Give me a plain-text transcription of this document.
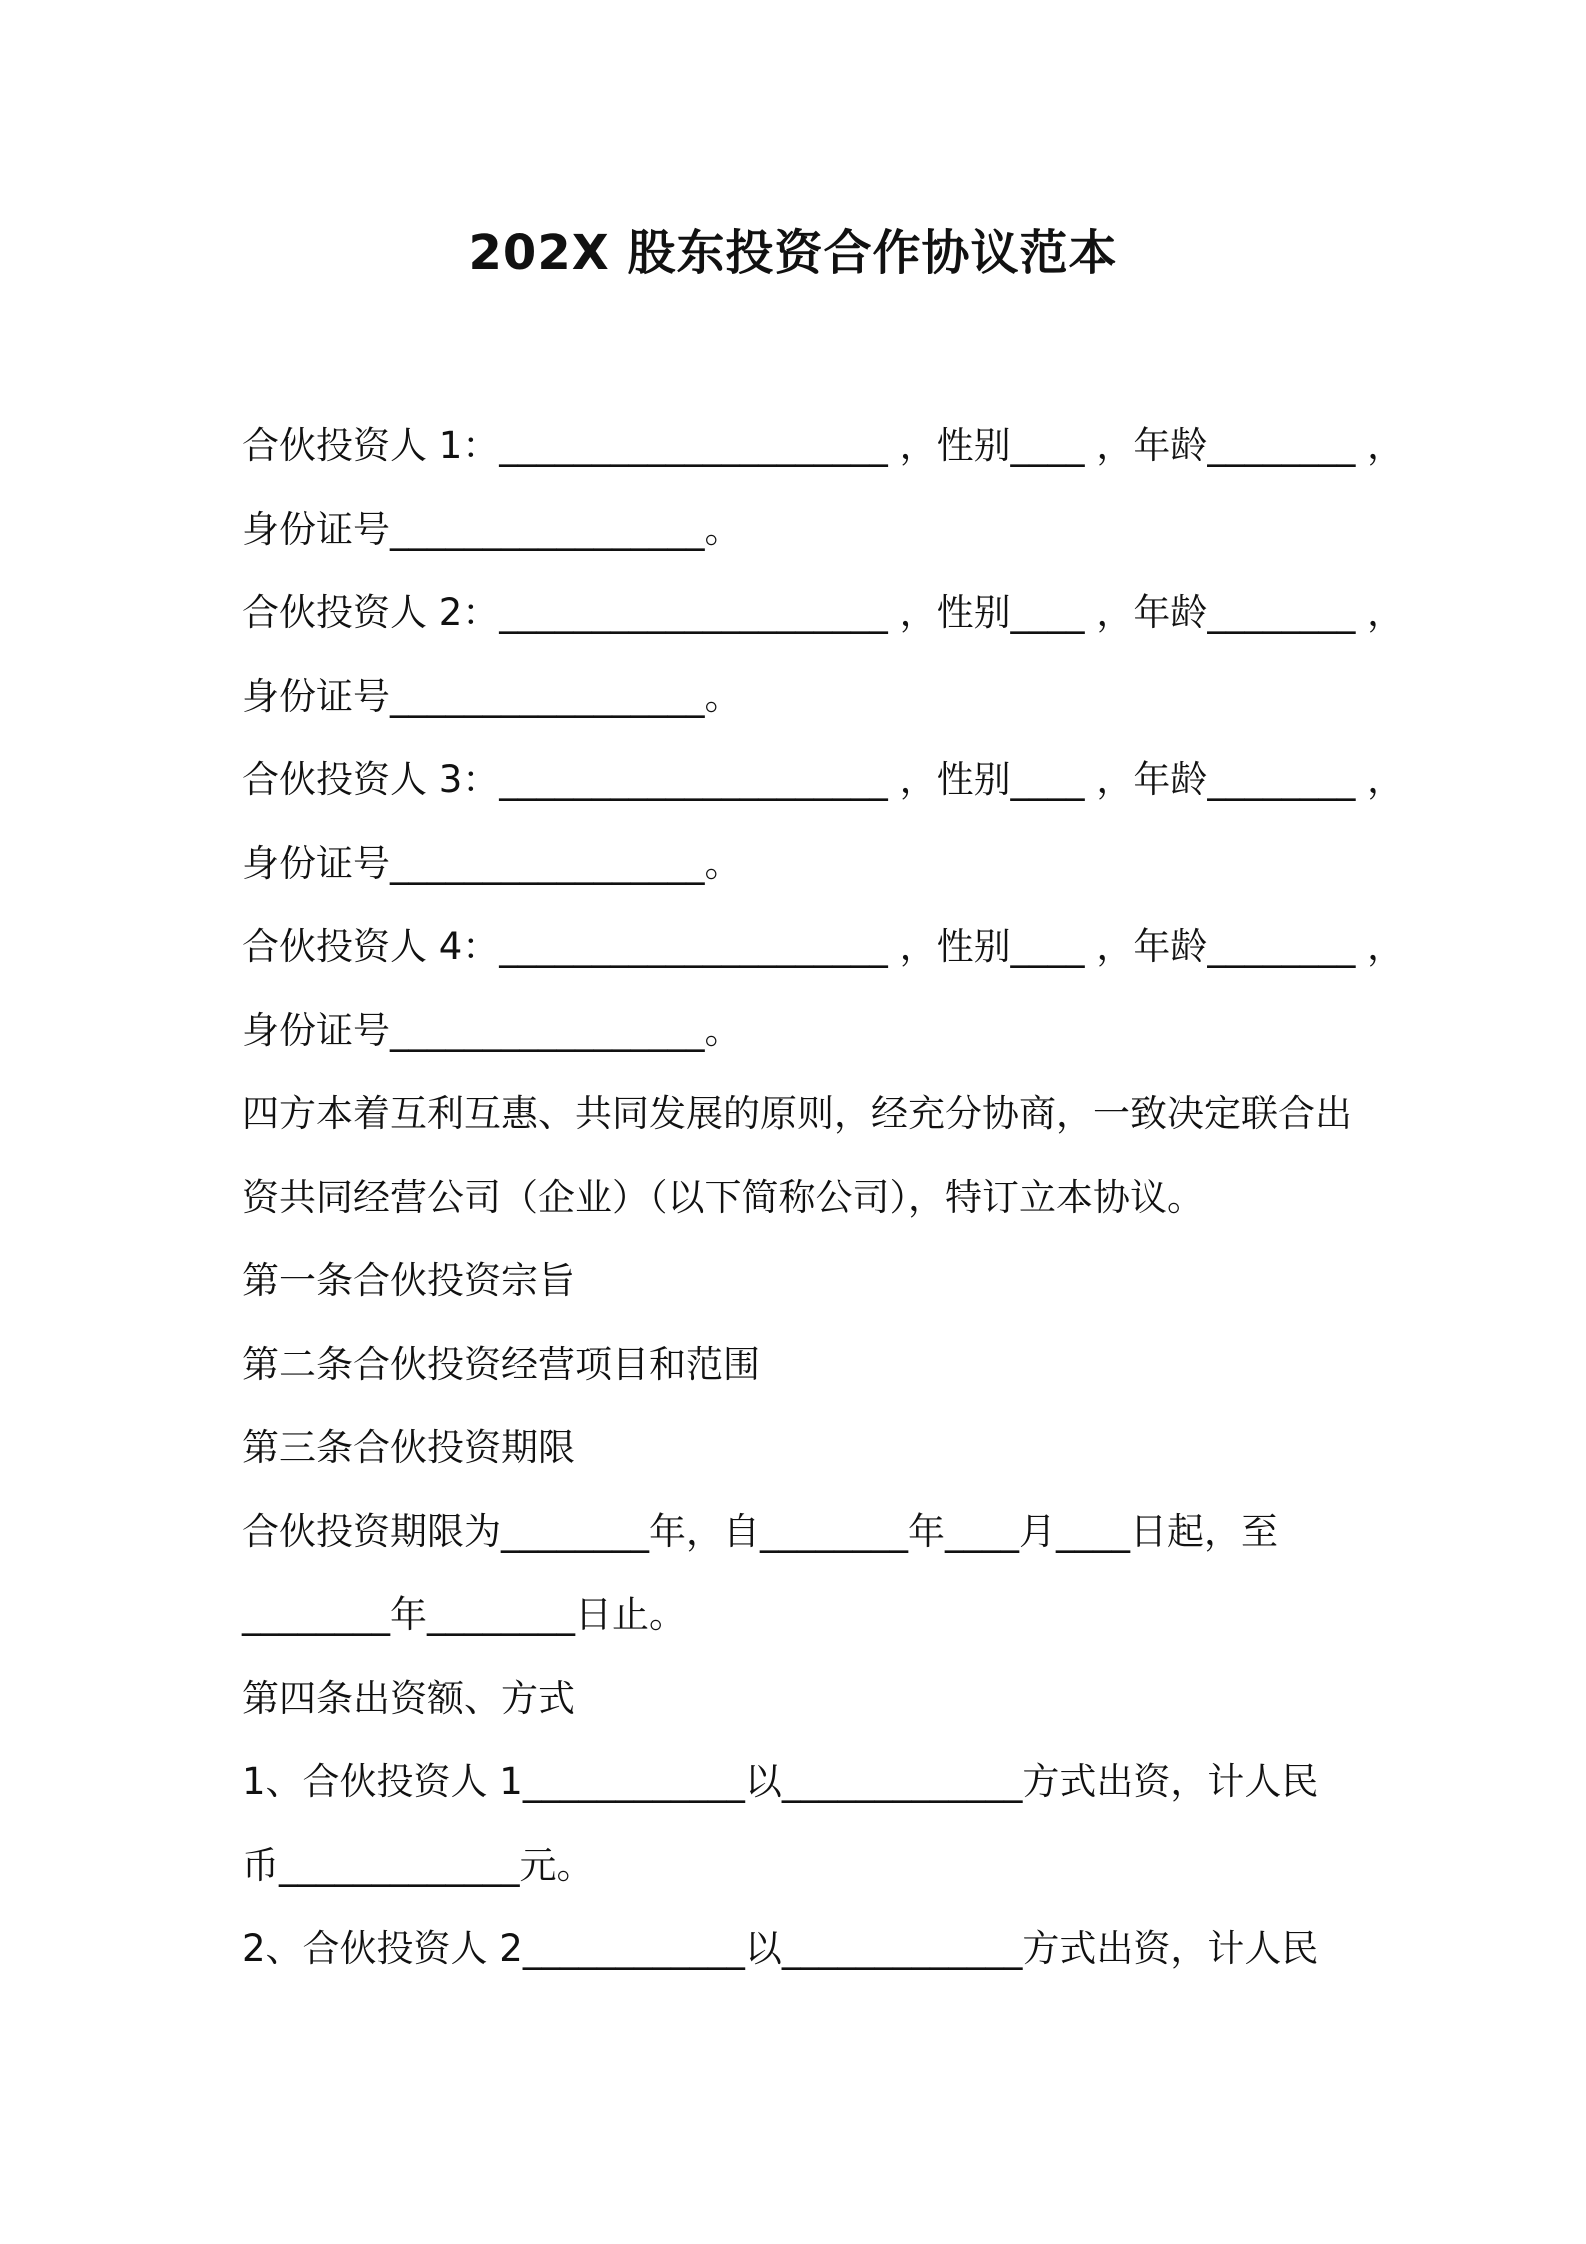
202X 股东投资合作协议范本
合伙投资人 1：_____________________ ，性别____ ，年龄________ ，
身份证号_________________。
合伙投资人 2：_____________________ ，性别____ ，年龄________ ，
身份证号_________________。
合伙投资人 3：_____________________ ，性别____ ，年龄________ ，
身份证号_________________。
合伙投资人 4：_____________________ ，性别____ ，年龄________ ，
身份证号_________________。
四方本着互利互惠、共同发展的原则，经充分协商，一致决定联合出
资共同经营公司（企业）（以下简称公司），特订立本协议。
第一条合伙投资宗旨
第二条合伙投资经营项目和范围
第三条合伙投资期限
合伙投资期限为________年，自________年____月____日起，至
________年________日止。
第四条出资额、方式
1、合伙投资人 1____________以_____________方式出资，计人民
币_____________元。
2、合伙投资人 2____________以_____________方式出资，计人民
